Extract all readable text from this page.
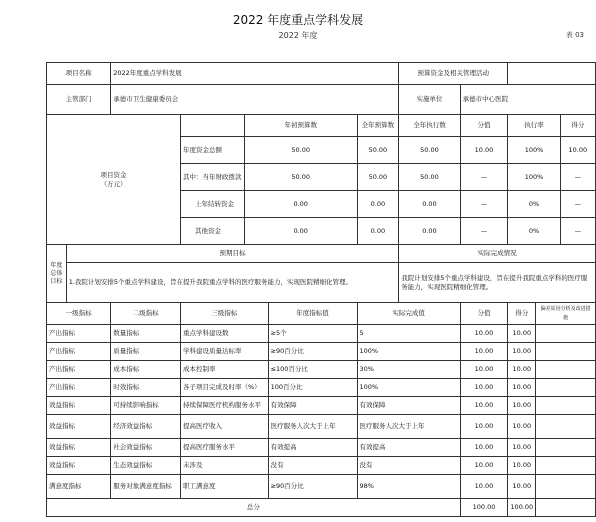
2022 年度重点学科发展
2022 年度	表 03
项目名称		2022年度重点学科发展					预算资金及相关管理活动				
主管部门		承德市卫生健康委员会					实施单位	承德市中心医院			
项目资金
（万元）				年初预算数		全年预算数	全年执行数	分值	执行率		得分
			年度资金总额	50.00		50.00	50.00	10.00	100%		10.00
			其中：当年财政拨款	50.00		50.00	50.00	—	100%		—
			上年结转资金	0.00		0.00	0.00	—	0%		—
			其他资金	0.00		0.00	0.00	—	0%		—
年度总体目标	预期目标						实际完成情况				
	1.我院计划安排5个重点学科建设，旨在提升我院重点学科的医疗服务能力，实现医院精细化管理。						我院计划安排5个重点学科建设，旨在提升我院重点学科的医疗服务能力，实现医院精细化管理。				
一级指标		二级指标	三级指标		年度指标值	实际完成值		分值	得分	偏差原因分析及改进措施	
产出指标		数量指标	重点学科建设数		≥5个	5		10.00	10.00		
产出指标		质量指标	学科建设质量达标率		≥90百分比	100%		10.00	10.00		
产出指标		成本指标	成本控制率		≤100百分比	30%		10.00	10.00		
产出指标		时效指标	各子项目完成及时率（%）		100百分比	100%		10.00	10.00		
效益指标		可持续影响指标	持续保障医疗机构服务水平		有效保障	有效保障		10.00	10.00		
效益指标		经济效益指标	提高医疗收入		医疗服务人次大于上年	医疗服务人次大于上年		10.00	10.00		
效益指标		社会效益指标	提高医疗服务水平		有效提高	有效提高		10.00	10.00		
效益指标		生态效益指标	未涉及		没有	没有		10.00	10.00		
满意度指标		服务对象满意度指标	职工满意度		≥90百分比	98%		10.00	10.00		
总分								100.00	100.00		
